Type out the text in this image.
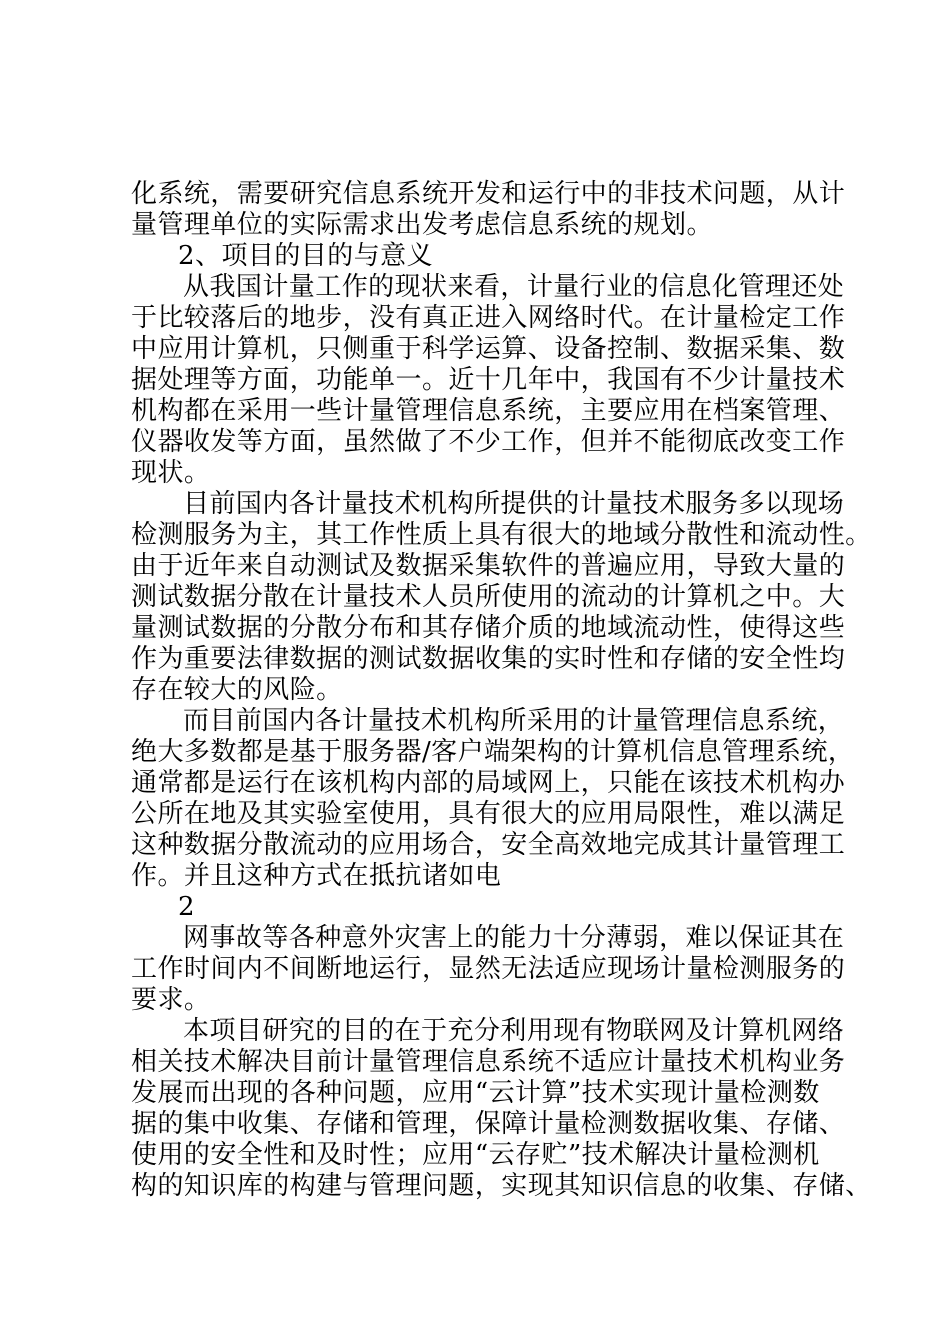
化系统，需要研究信息系统开发和运行中的非技术问题，从计
量管理单位的实际需求出发考虑信息系统的规划。
2、项目的目的与意义
从我国计量工作的现状来看，计量行业的信息化管理还处
于比较落后的地步，没有真正进入网络时代。在计量检定工作
中应用计算机，只侧重于科学运算、设备控制、数据采集、数
据处理等方面，功能单一。近十几年中，我国有不少计量技术
机构都在采用一些计量管理信息系统，主要应用在档案管理、
仪器收发等方面，虽然做了不少工作，但并不能彻底改变工作
现状。
目前国内各计量技术机构所提供的计量技术服务多以现场
检测服务为主，其工作性质上具有很大的地域分散性和流动性。
由于近年来自动测试及数据采集软件的普遍应用，导致大量的
测试数据分散在计量技术人员所使用的流动的计算机之中。大
量测试数据的分散分布和其存储介质的地域流动性，使得这些
作为重要法律数据的测试数据收集的实时性和存储的安全性均
存在较大的风险。
而目前国内各计量技术机构所采用的计量管理信息系统，
绝大多数都是基于服务器/客户端架构的计算机信息管理系统，
通常都是运行在该机构内部的局域网上，只能在该技术机构办
公所在地及其实验室使用，具有很大的应用局限性，难以满足
这种数据分散流动的应用场合，安全高效地完成其计量管理工
作。并且这种方式在抵抗诸如电
2
网事故等各种意外灾害上的能力十分薄弱，难以保证其在
工作时间内不间断地运行，显然无法适应现场计量检测服务的
要求。
本项目研究的目的在于充分利用现有物联网及计算机网络
相关技术解决目前计量管理信息系统不适应计量技术机构业务
发展而出现的各种问题，应用“云计算”技术实现计量检测数
据的集中收集、存储和管理，保障计量检测数据收集、存储、
使用的安全性和及时性；应用“云存贮”技术解决计量检测机
构的知识库的构建与管理问题，实现其知识信息的收集、存储、
